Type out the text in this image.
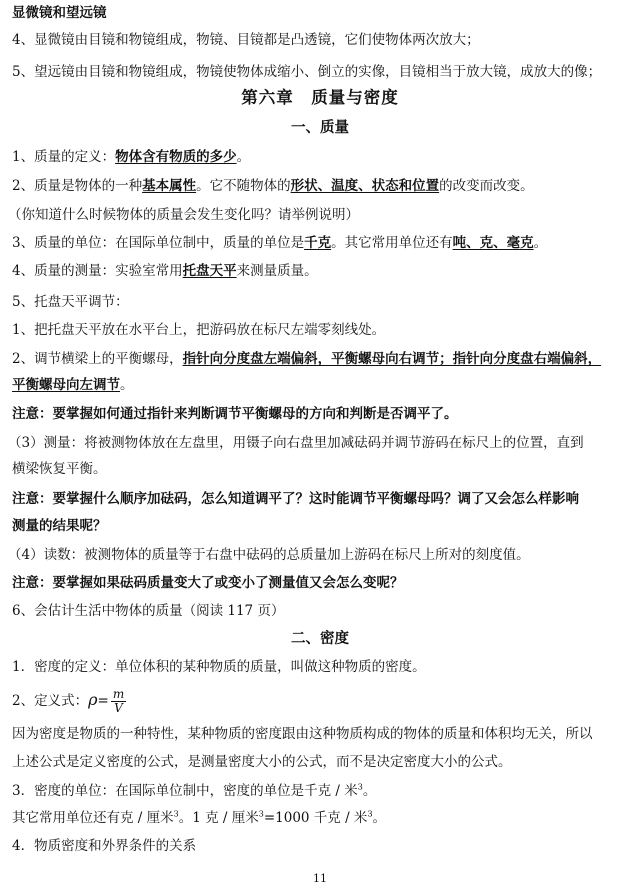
显微镜和望远镜
4、显微镜由目镜和物镜组成，物镜、目镜都是凸透镜，它们使物体两次放大；
5、望远镜由目镜和物镜组成，物镜使物体成缩小、倒立的实像，目镜相当于放大镜，成放大的像；
第六章　质量与密度
一、质量
1、质量的定义：物体含有物质的多少。
2、质量是物体的一种基本属性。它不随物体的形状、温度、状态和位置的改变而改变。
（你知道什么时候物体的质量会发生变化吗？请举例说明）
3、质量的单位：在国际单位制中，质量的单位是千克。其它常用单位还有吨、克、毫克。
4、质量的测量：实验室常用托盘天平来测量质量。
5、托盘天平调节：
1、把托盘天平放在水平台上，把游码放在标尺左端零刻线处。
2、调节横梁上的平衡螺母，指针向分度盘左端偏斜，平衡螺母向右调节；指针向分度盘右端偏斜，
平衡螺母向左调节。
注意：要掌握如何通过指针来判断调节平衡螺母的方向和判断是否调平了。
（3）测量：将被测物体放在左盘里，用镊子向右盘里加减砝码并调节游码在标尺上的位置，直到
横梁恢复平衡。
注意：要掌握什么顺序加砝码，怎么知道调平了？这时能调节平衡螺母吗？调了又会怎么样影响
测量的结果呢？
（4）读数：被测物体的质量等于右盘中砝码的总质量加上游码在标尺上所对的刻度值。
注意：要掌握如果砝码质量变大了或变小了测量值又会怎么变呢？
6、会估计生活中物体的质量（阅读 117 页）
二、密度
1．密度的定义：单位体积的某种物质的质量，叫做这种物质的密度。
2、定义式：$\rho= \frac{m}{V}$
因为密度是物质的一种特性，某种物质的密度跟由这种物质构成的物体的质量和体积均无关，所以
上述公式是定义密度的公式，是测量密度大小的公式，而不是决定密度大小的公式。
3．密度的单位：在国际单位制中，密度的单位是千克 / 米$^3$。
其它常用单位还有克 / 厘米$^3$。1 克 / 厘米$^3$=1000 千克 / 米$^3$。
4．物质密度和外界条件的关系
11
